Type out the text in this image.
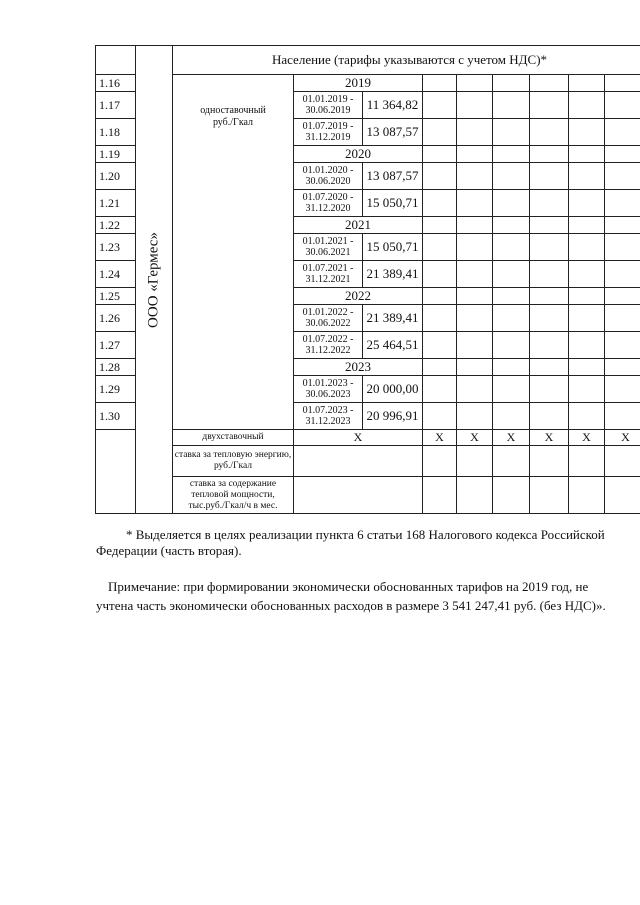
	ООО «Гермес»	Население (тарифы указываются с учетом НДС)*								
1.16		одноставочный
руб./Гкал	2019							
1.17			01.01.2019 -
30.06.2019	11 364,82						
1.18			01.07.2019 -
31.12.2019	13 087,57						
1.19			2020							
1.20			01.01.2020 -
30.06.2020	13 087,57						
1.21			01.07.2020 -
31.12.2020	15 050,71						
1.22			2021							
1.23			01.01.2021 -
30.06.2021	15 050,71						
1.24			01.07.2021 -
31.12.2021	21 389,41						
1.25			2022							
1.26			01.01.2022 -
30.06.2022	21 389,41						
1.27			01.07.2022 -
31.12.2022	25 464,51						
1.28			2023							
1.29			01.01.2023 -
30.06.2023	20 000,00						
1.30			01.07.2023 -
31.12.2023	20 996,91						
		двухставочный	X		X	X	X	X	X	X
		ставка за тепловую энергию, руб./Гкал								
		ставка за содержание тепловой мощности, тыс.руб./Гкал/ч в мес.								
* Выделяется в целях реализации пункта 6 статьи 168 Налогового кодекса Российской
Федерации (часть вторая).
Примечание: при формировании экономически обоснованных тарифов на 2019 год, не
учтена часть экономически обоснованных расходов в размере 3 541 247,41 руб. (без НДС)».
